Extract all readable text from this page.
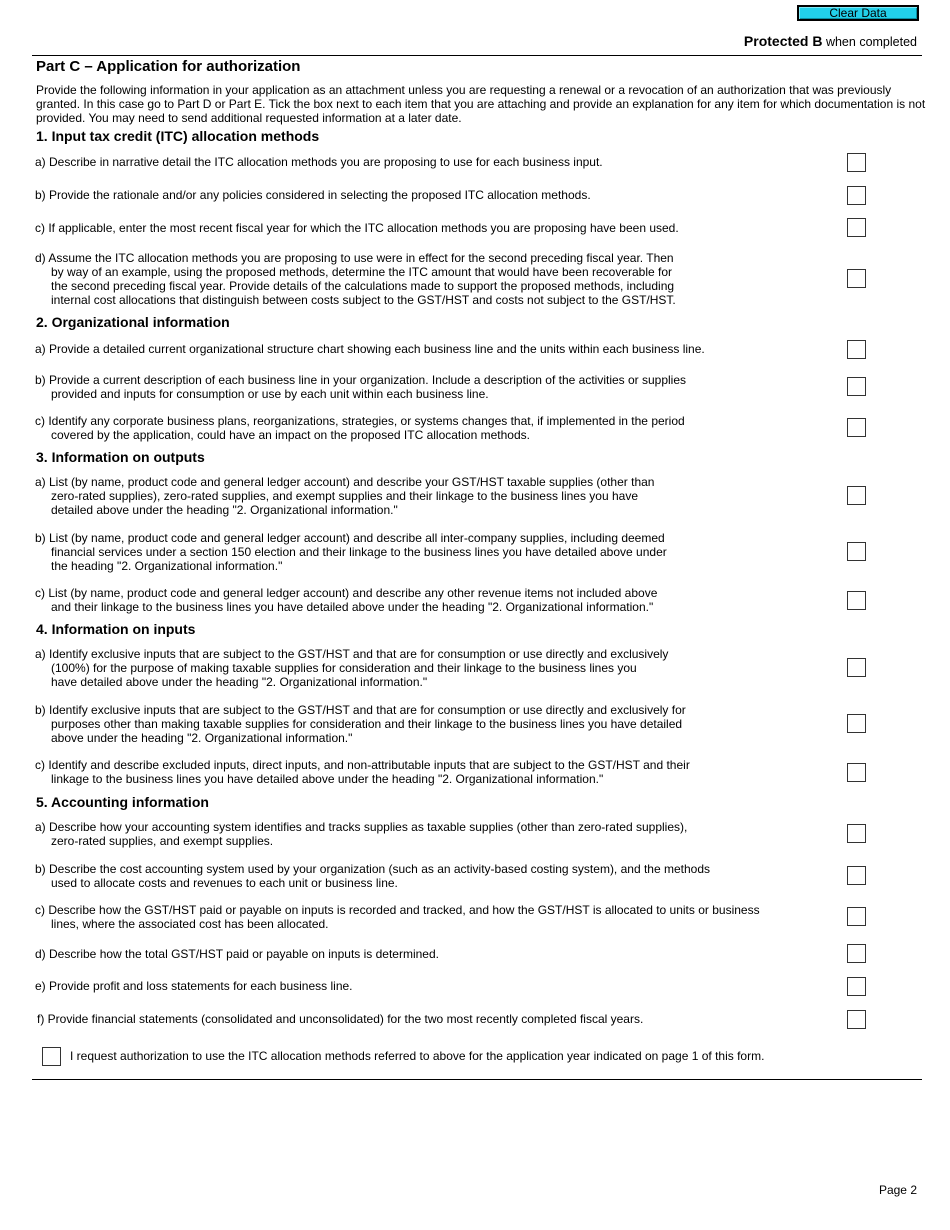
Clear Data
Protected B when completed
Part C – Application for authorization
Provide the following information in your application as an attachment unless you are requesting a renewal or a revocation of an authorization that was previously granted. In this case go to Part D or Part E. Tick the box next to each item that you are attaching and provide an explanation for any item for which documentation is not provided. You may need to send additional requested information at a later date.
1. Input tax credit (ITC) allocation methods
a) Describe in narrative detail the ITC allocation methods you are proposing to use for each business input.
b) Provide the rationale and/or any policies considered in selecting the proposed ITC allocation methods.
c) If applicable, enter the most recent fiscal year for which the ITC allocation methods you are proposing have been used.
d) Assume the ITC allocation methods you are proposing to use were in effect for the second preceding fiscal year. Then
by way of an example, using the proposed methods, determine the ITC amount that would have been recoverable for
the second preceding fiscal year. Provide details of the calculations made to support the proposed methods, including
internal cost allocations that distinguish between costs subject to the GST/HST and costs not subject to the GST/HST.
2. Organizational information
a) Provide a detailed current organizational structure chart showing each business line and the units within each business line.
b) Provide a current description of each business line in your organization. Include a description of the activities or supplies
provided and inputs for consumption or use by each unit within each business line.
c) Identify any corporate business plans, reorganizations, strategies, or systems changes that, if implemented in the period
covered by the application, could have an impact on the proposed ITC allocation methods.
3. Information on outputs
a) List (by name, product code and general ledger account) and describe your GST/HST taxable supplies (other than
zero-rated supplies), zero-rated supplies, and exempt supplies and their linkage to the business lines you have
detailed above under the heading "2. Organizational information."
b) List (by name, product code and general ledger account) and describe all inter-company supplies, including deemed
financial services under a section 150 election and their linkage to the business lines you have detailed above under
the heading "2. Organizational information."
c) List (by name, product code and general ledger account) and describe any other revenue items not included above
and their linkage to the business lines you have detailed above under the heading "2. Organizational information."
4. Information on inputs
a) Identify exclusive inputs that are subject to the GST/HST and that are for consumption or use directly and exclusively
(100%) for the purpose of making taxable supplies for consideration and their linkage to the business lines you
have detailed above under the heading "2. Organizational information."
b) Identify exclusive inputs that are subject to the GST/HST and that are for consumption or use directly and exclusively for
purposes other than making taxable supplies for consideration and their linkage to the business lines you have detailed
above under the heading "2. Organizational information."
c) Identify and describe excluded inputs, direct inputs, and non-attributable inputs that are subject to the GST/HST and their
linkage to the business lines you have detailed above under the heading "2. Organizational information."
5. Accounting information
a) Describe how your accounting system identifies and tracks supplies as taxable supplies (other than zero-rated supplies),
zero-rated supplies, and exempt supplies.
b) Describe the cost accounting system used by your organization (such as an activity-based costing system), and the methods
used to allocate costs and revenues to each unit or business line.
c) Describe how the GST/HST paid or payable on inputs is recorded and tracked, and how the GST/HST is allocated to units or business
lines, where the associated cost has been allocated.
d) Describe how the total GST/HST paid or payable on inputs is determined.
e) Provide profit and loss statements for each business line.
f) Provide financial statements (consolidated and unconsolidated) for the two most recently completed fiscal years.
I request authorization to use the ITC allocation methods referred to above for the application year indicated on page 1 of this form.
Page 2
